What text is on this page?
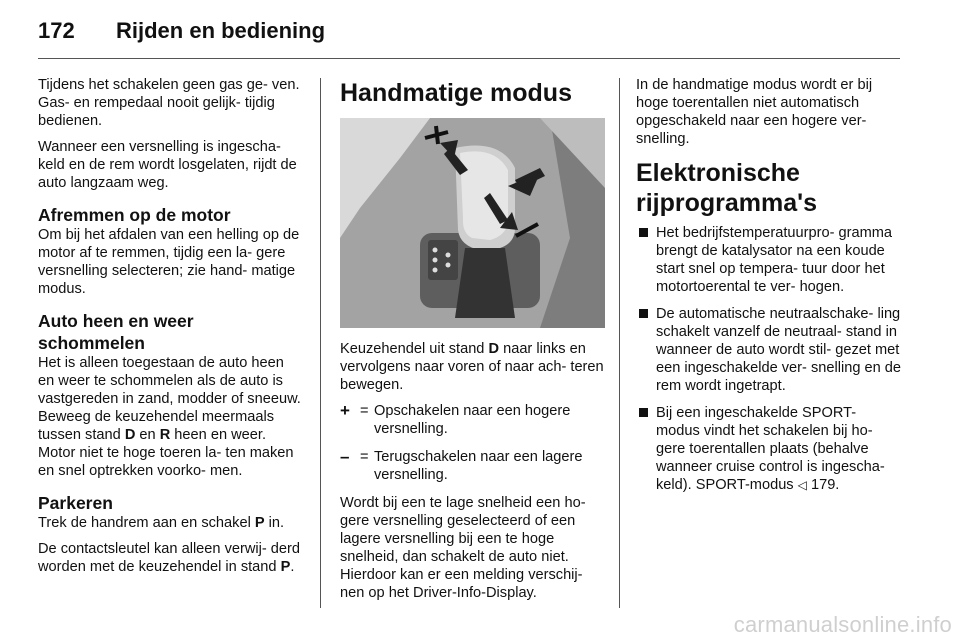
172 Rijden en bediening

Tijdens het schakelen geen gas ge- ven. Gas- en rempedaal nooit gelijk- tijdig bedienen.

Wanneer een versnelling is ingescha- keld en de rem wordt losgelaten, rijdt de auto langzaam weg.

Afremmen op de motor

Om bij het afdalen van een helling op de motor af te remmen, tijdig een la- gere versnelling selecteren; zie hand- matige modus.

Auto heen en weer schommelen

Het is alleen toegestaan de auto heen en weer te schommelen als de auto is vastgereden in zand, modder of sneeuw. Beweeg de keuzehendel meermaals tussen stand D en R heen en weer. Motor niet te hoge toeren la- ten maken en snel optrekken voorko- men.

Parkeren

Trek de handrem aan en schakel P in.

De contactsleutel kan alleen verwij- derd worden met de keuzehendel in stand P.

Handmatige modus

Keuzehendel uit stand D naar links en vervolgens naar voren of naar ach- teren bewegen.

+ = Opschakelen naar een hogere versnelling.
– = Terugschakelen naar een lagere versnelling.

Wordt bij een te lage snelheid een ho- gere versnelling geselecteerd of een lagere versnelling bij een te hoge snelheid, dan schakelt de auto niet. Hierdoor kan er een melding verschij- nen op het Driver-Info-Display.

In de handmatige modus wordt er bij hoge toerentallen niet automatisch opgeschakeld naar een hogere ver- snelling.

Elektronische rijprogramma's
Het bedrijfstemperatuurpro- gramma brengt de katalysator na een koude start snel op tempera- tuur door het motortoerental te ver- hogen.
De automatische neutraalschake- ling schakelt vanzelf de neutraal- stand in wanneer de auto wordt stil- gezet met een ingeschakelde ver- snelling en de rem wordt ingetrapt.
Bij een ingeschakelde SPORT- modus vindt het schakelen bij ho- gere toerentallen plaats (behalve wanneer cruise control is ingescha- keld). SPORT-modus ◁ 179.
carmanualsonline.info
